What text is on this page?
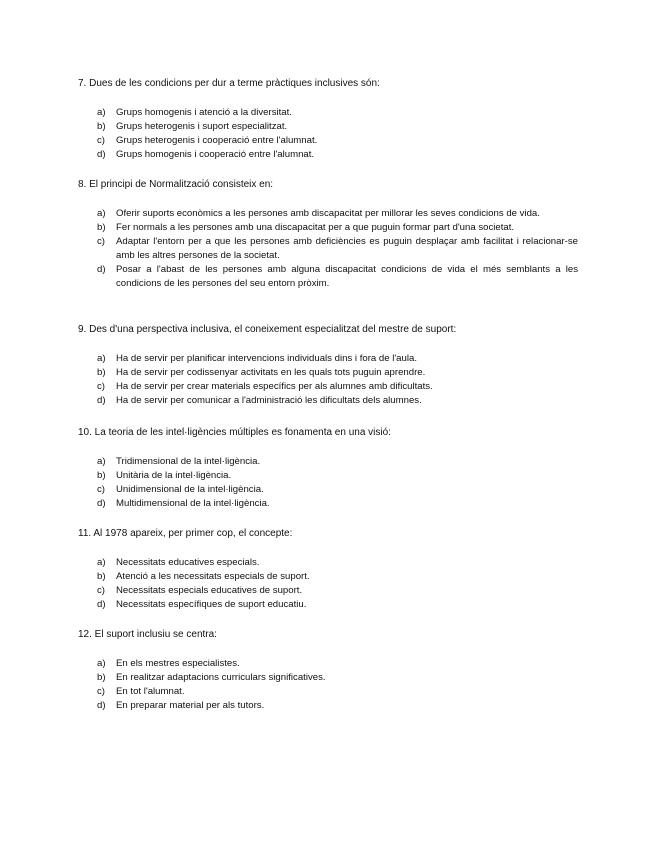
7. Dues de les condicions per dur a terme pràctiques inclusives són:

a) Grups homogenis i atenció a la diversitat.
b) Grups heterogenis i suport especialitzat.
c) Grups heterogenis i cooperació entre l'alumnat.
d) Grups homogenis i cooperació entre l'alumnat.

8. El principi de Normalització consisteix en:

a) Oferir suports econòmics a les persones amb discapacitat per millorar les seves condicions de vida.
b) Fer normals a les persones amb una discapacitat per a que puguin formar part d'una societat.
c) Adaptar l'entorn per a que les persones amb deficiències es puguin desplaçar amb facilitat i relacionar-se amb les altres persones de la societat.
d) Posar a l'abast de les persones amb alguna discapacitat condicions de vida el més semblants a les condicions de les persones del seu entorn pròxim.

9. Des d'una perspectiva inclusiva, el coneixement especialitzat del mestre de suport:

a) Ha de servir per planificar intervencions individuals dins i fora de l'aula.
b) Ha de servir per codissenyar activitats en les quals tots puguin aprendre.
c) Ha de servir per crear materials específics per als alumnes amb dificultats.
d) Ha de servir per comunicar a l'administració les dificultats dels alumnes.

10. La teoria de les intel·ligències múltiples es fonamenta en una visió:

a) Tridimensional de la intel·ligència.
b) Unitària de la intel·ligència.
c) Unidimensional de la intel·ligència.
d) Multidimensional de la intel·ligència.

11. Al 1978 apareix, per primer cop, el concepte:

a) Necessitats educatives especials.
b) Atenció a les necessitats especials de suport.
c) Necessitats especials educatives de suport.
d) Necessitats específiques de suport educatiu.

12. El suport inclusiu se centra:

a) En els mestres especialistes.
b) En realitzar adaptacions curriculars significatives.
c) En tot l'alumnat.
d) En preparar material per als tutors.
